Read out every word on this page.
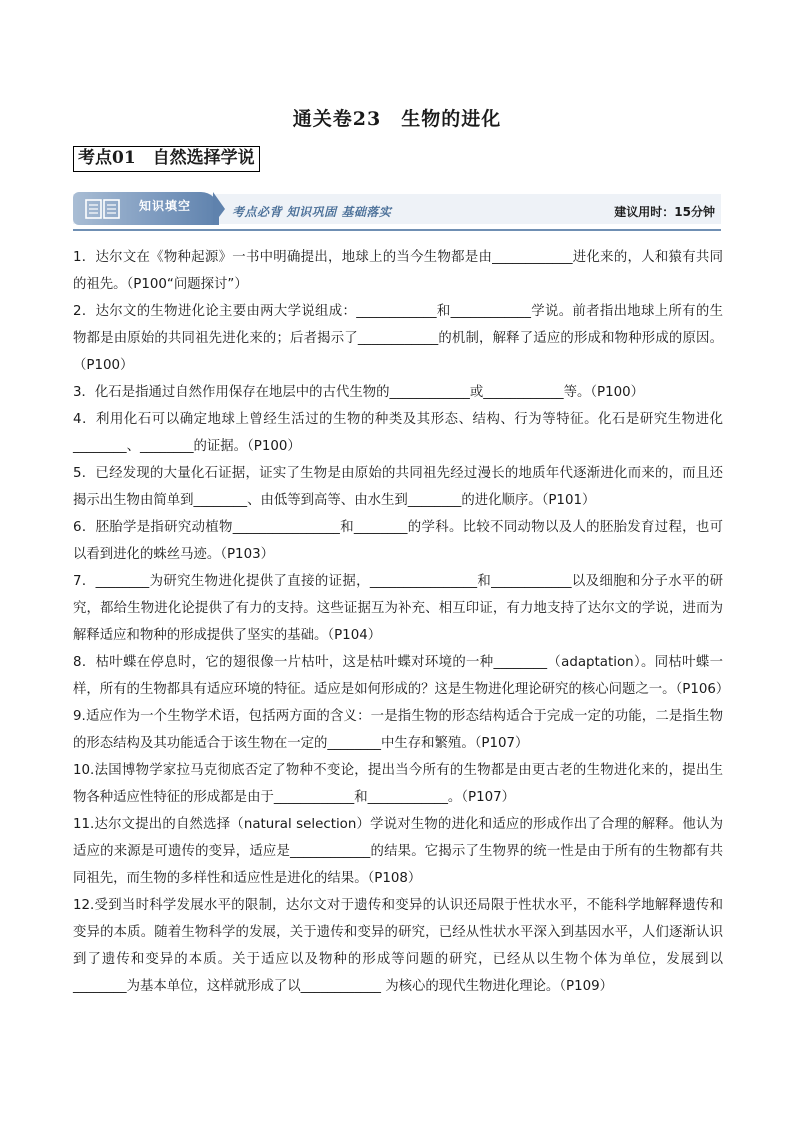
通关卷23　生物的进化
考点01　自然选择学说
知识填空	考点必背 知识巩固 基础落实	建议用时：15分钟

1．达尔文在《物种起源》一书中明确提出，地球上的当今生物都是由____________进化来的，人和猿有共同的祖先。（P100“问题探讨”）

2．达尔文的生物进化论主要由两大学说组成：____________和____________学说。前者指出地球上所有的生物都是由原始的共同祖先进化来的；后者揭示了____________的机制，解释了适应的形成和物种形成的原因。（P100）

3．化石是指通过自然作用保存在地层中的古代生物的____________或____________等。（P100）

4．利用化石可以确定地球上曾经生活过的生物的种类及其形态、结构、行为等特征。化石是研究生物进化________、________的证据。（P100）

5．已经发现的大量化石证据，证实了生物是由原始的共同祖先经过漫长的地质年代逐渐进化而来的，而且还揭示出生物由简单到________、由低等到高等、由水生到________的进化顺序。（P101）

6．胚胎学是指研究动植物________________和________的学科。比较不同动物以及人的胚胎发育过程，也可以看到进化的蛛丝马迹。（P103）

7．________为研究生物进化提供了直接的证据，________________和____________以及细胞和分子水平的研究，都给生物进化论提供了有力的支持。这些证据互为补充、相互印证，有力地支持了达尔文的学说，进而为解释适应和物种的形成提供了坚实的基础。（P104）

8．枯叶蝶在停息时，它的翅很像一片枯叶，这是枯叶蝶对环境的一种________（adaptation）。同枯叶蝶一样，所有的生物都具有适应环境的特征。适应是如何形成的？这是生物进化理论研究的核心问题之一。（P106）

9.适应作为一个生物学术语，包括两方面的含义：一是指生物的形态结构适合于完成一定的功能，二是指生物的形态结构及其功能适合于该生物在一定的________中生存和繁殖。（P107）

10.法国博物学家拉马克彻底否定了物种不变论，提出当今所有的生物都是由更古老的生物进化来的，提出生物各种适应性特征的形成都是由于____________和____________。（P107）

11.达尔文提出的自然选择（natural selection）学说对生物的进化和适应的形成作出了合理的解释。他认为适应的来源是可遗传的变异，适应是____________的结果。它揭示了生物界的统一性是由于所有的生物都有共同祖先，而生物的多样性和适应性是进化的结果。（P108）

12.受到当时科学发展水平的限制，达尔文对于遗传和变异的认识还局限于性状水平，不能科学地解释遗传和变异的本质。随着生物科学的发展，关于遗传和变异的研究，已经从性状水平深入到基因水平，人们逐渐认识到了遗传和变异的本质。关于适应以及物种的形成等问题的研究，已经从以生物个体为单位，发展到以________为基本单位，这样就形成了以____________ 为核心的现代生物进化理论。（P109）
